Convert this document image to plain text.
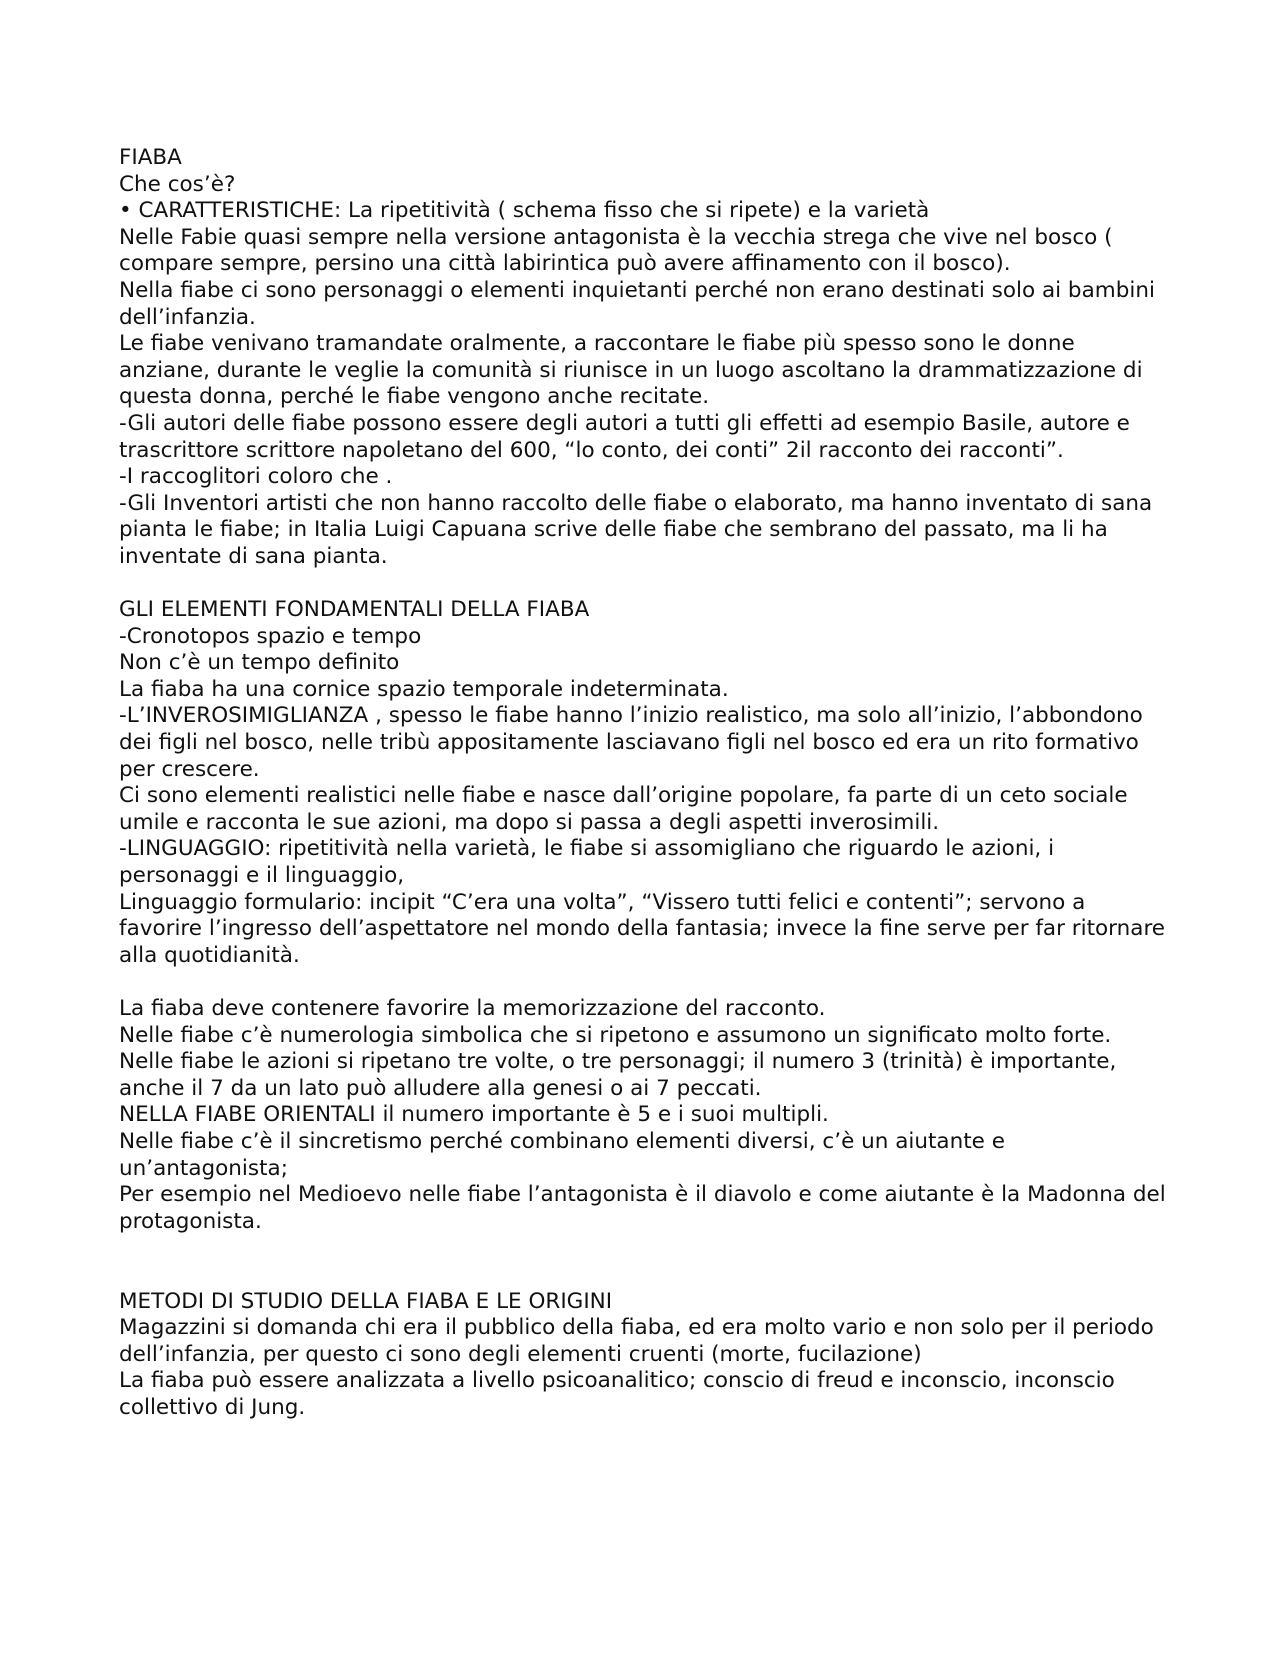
FIABA

Che cos’è?

• CARATTERISTICHE: La ripetitività ( schema fisso che si ripete) e la varietà

Nelle Fabie quasi sempre nella versione antagonista è la vecchia strega che vive nel bosco ( compare sempre, persino una città labirintica può avere affinamento con il bosco).

Nella fiabe ci sono personaggi o elementi inquietanti perché non erano destinati solo ai bambini dell’infanzia.

Le fiabe venivano tramandate oralmente, a raccontare le fiabe più spesso sono le donne anziane, durante le veglie la comunità si riunisce in un luogo ascoltano la drammatizzazione di questa donna, perché le fiabe vengono anche recitate.

-Gli autori delle fiabe possono essere degli autori a tutti gli effetti ad esempio Basile, autore e trascrittore scrittore napoletano del 600, “lo conto, dei conti” 2il racconto dei racconti”.

-I raccoglitori coloro che .

-Gli Inventori artisti che non hanno raccolto delle fiabe o elaborato, ma hanno inventato di sana pianta le fiabe; in Italia Luigi Capuana scrive delle fiabe che sembrano del passato, ma li ha inventate di sana pianta.

GLI ELEMENTI FONDAMENTALI DELLA FIABA

-Cronotopos spazio e tempo

Non c’è un tempo definito

La fiaba ha una cornice spazio temporale indeterminata.

-L’INVEROSIMIGLIANZA , spesso le fiabe hanno l’inizio realistico, ma solo all’inizio, l’abbondono dei figli nel bosco, nelle tribù appositamente lasciavano figli nel bosco ed era un rito formativo per crescere.

Ci sono elementi realistici nelle fiabe e nasce dall’origine popolare, fa parte di un ceto sociale umile e racconta le sue azioni, ma dopo si passa a degli aspetti inverosimili.

-LINGUAGGIO: ripetitività nella varietà, le fiabe si assomigliano che riguardo le azioni, i personaggi e il linguaggio,

Linguaggio formulario: incipit “C’era una volta”, “Vissero tutti felici e contenti”; servono a favorire l’ingresso dell’aspettatore nel mondo della fantasia; invece la fine serve per far ritornare alla quotidianità.

La fiaba deve contenere favorire la memorizzazione del racconto.

Nelle fiabe c’è numerologia simbolica che si ripetono e assumono un significato molto forte.

Nelle fiabe le azioni si ripetano tre volte, o tre personaggi; il numero 3 (trinità) è importante, anche il 7 da un lato può alludere alla genesi o ai 7 peccati.

NELLA FIABE ORIENTALI il numero importante è 5 e i suoi multipli.

Nelle fiabe c’è il sincretismo perché combinano elementi diversi, c’è un aiutante e un’antagonista;

Per esempio nel Medioevo nelle fiabe l’antagonista è il diavolo e come aiutante è la Madonna del protagonista.

METODI DI STUDIO DELLA FIABA E LE ORIGINI

Magazzini si domanda chi era il pubblico della fiaba, ed era molto vario e non solo per il periodo dell’infanzia, per questo ci sono degli elementi cruenti (morte, fucilazione)

La fiaba può essere analizzata a livello psicoanalitico; conscio di freud e inconscio, inconscio collettivo di Jung.
